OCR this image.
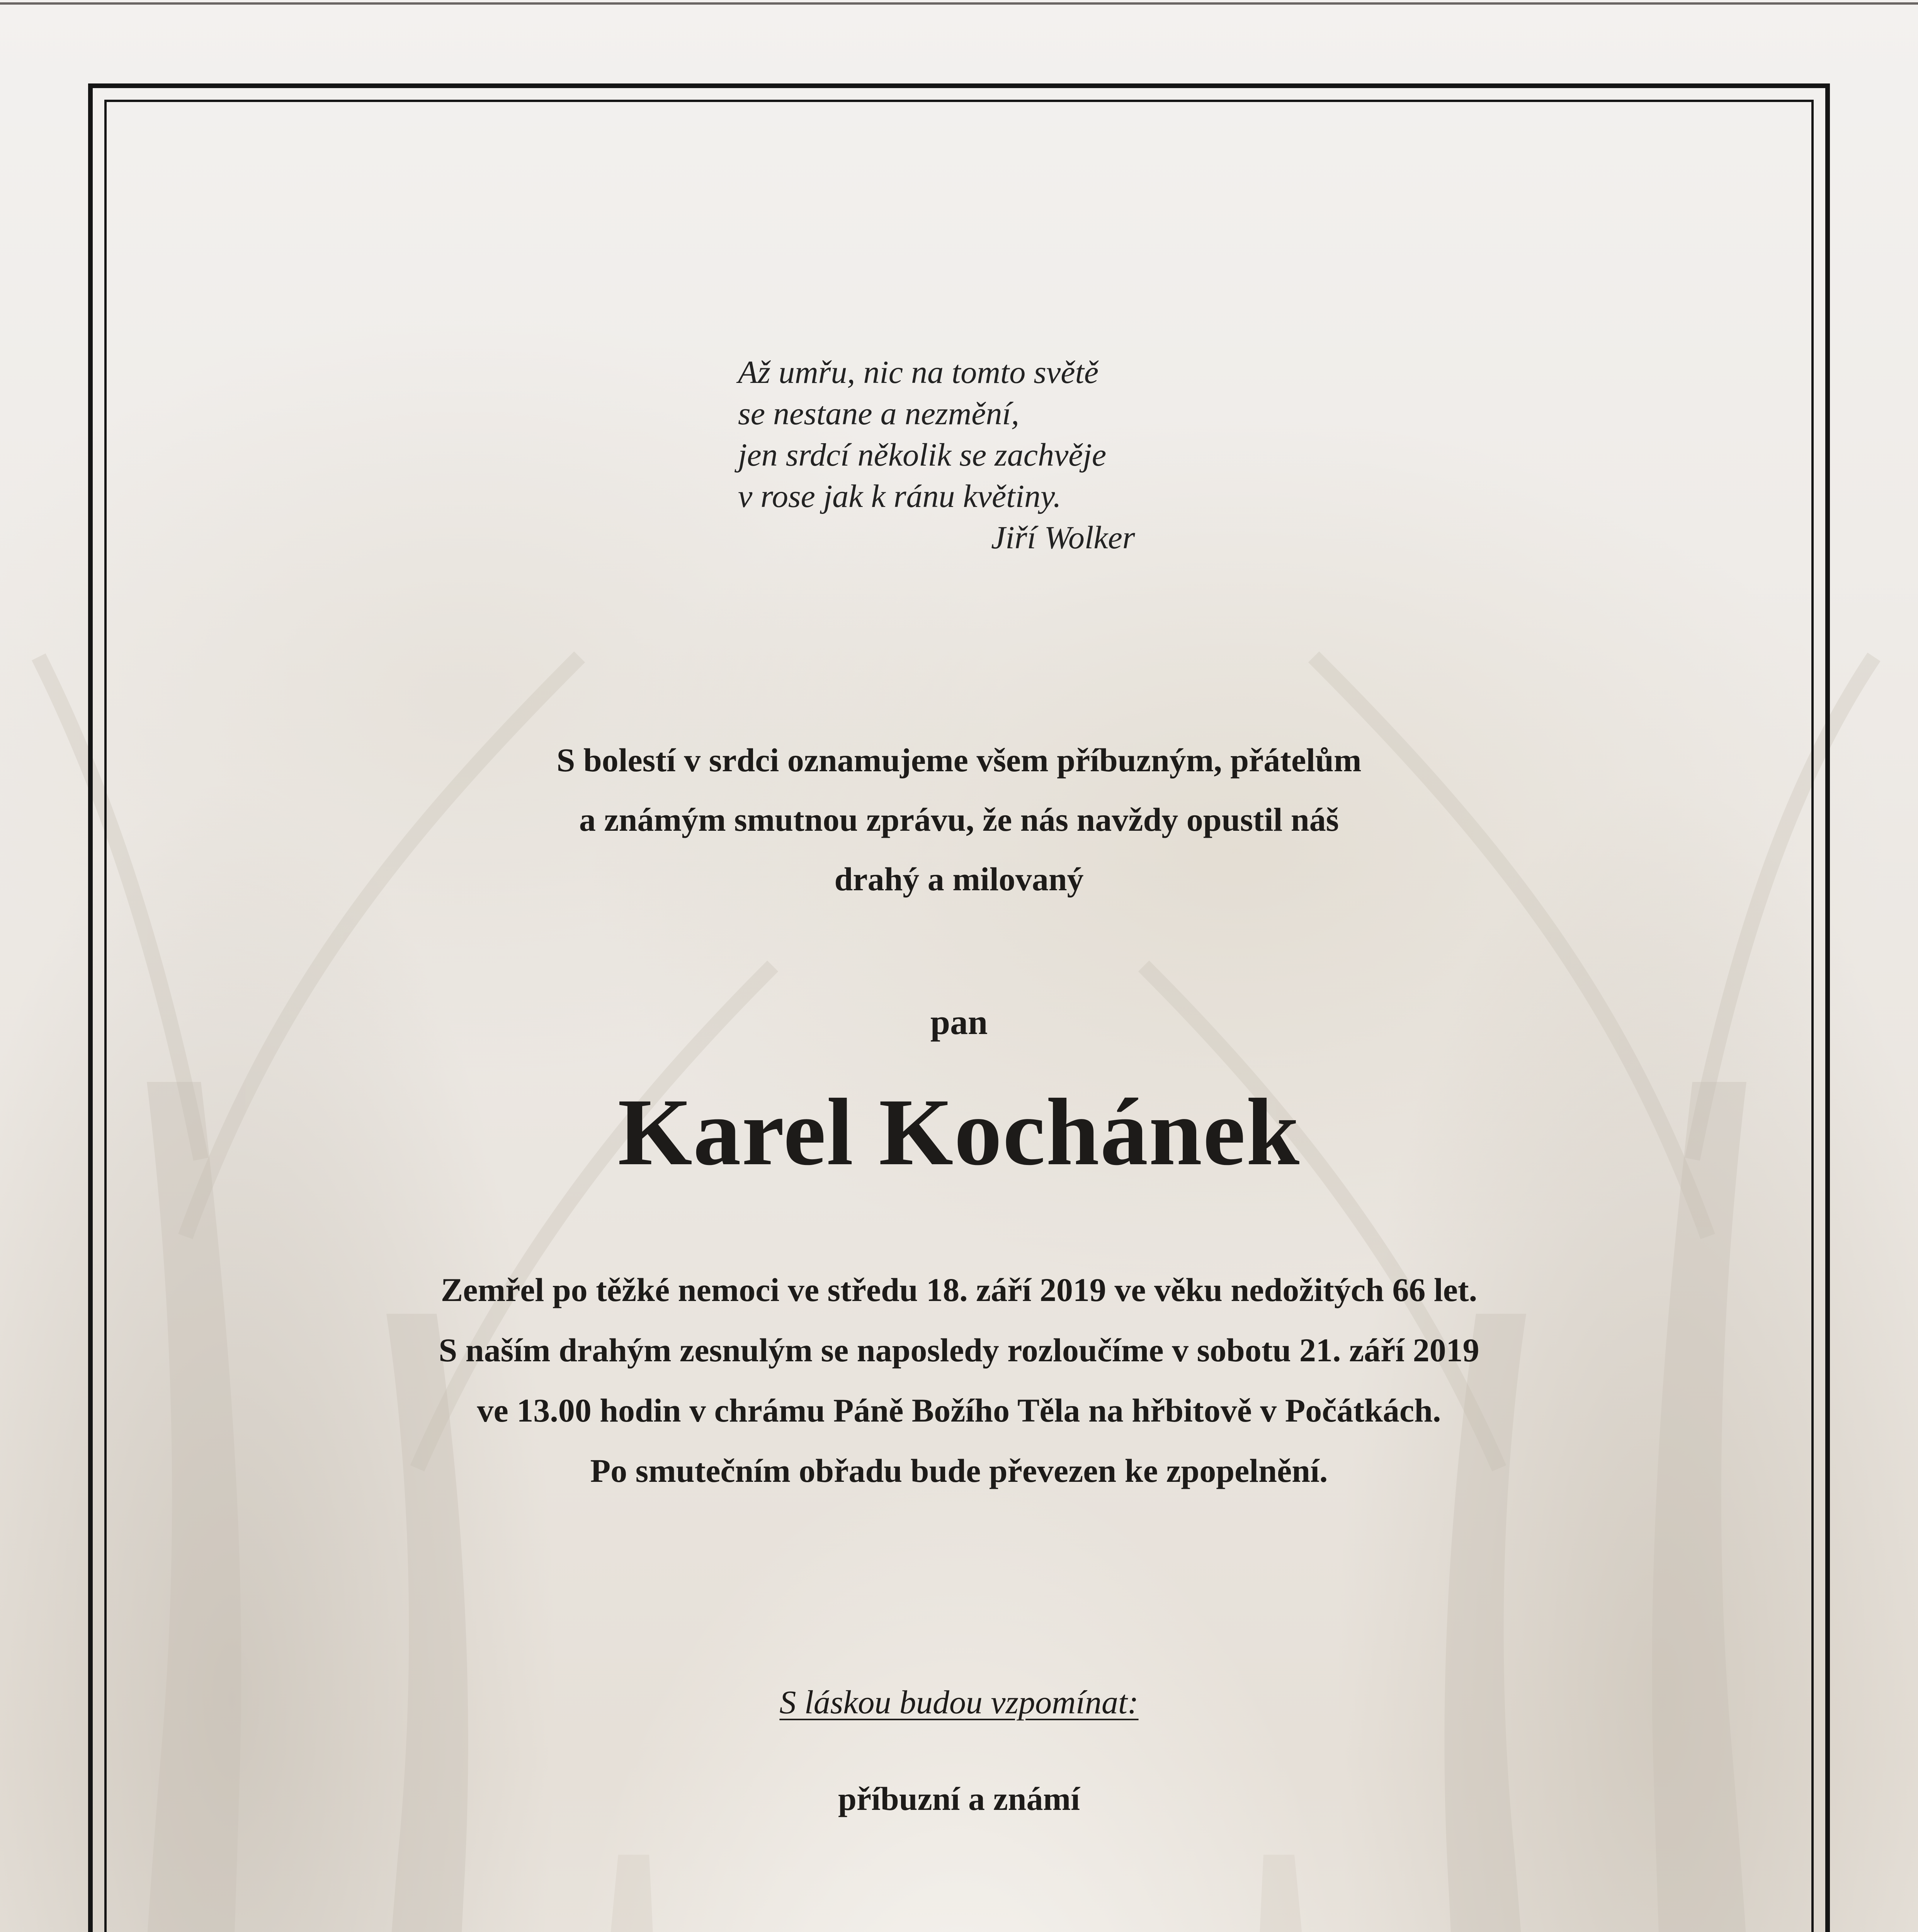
Až umřu, nic na tomto světě
se nestane a nezmění,
jen srdcí několik se zachvěje
v rose jak k ránu květiny.
Jiří Wolker
S bolestí v srdci oznamujeme všem příbuzným, přátelům
a známým smutnou zprávu, že nás navždy opustil náš
drahý a milovaný
pan
Karel Kochánek
Zemřel po těžké nemoci ve středu 18. září 2019 ve věku nedožitých 66 let.
S naším drahým zesnulým se naposledy rozloučíme v sobotu 21. září 2019
ve 13.00 hodin v chrámu Páně Božího Těla na hřbitově v Počátkách.
Po smutečním obřadu bude převezen ke zpopelnění.
S láskou budou vzpomínat:
příbuzní a známí
